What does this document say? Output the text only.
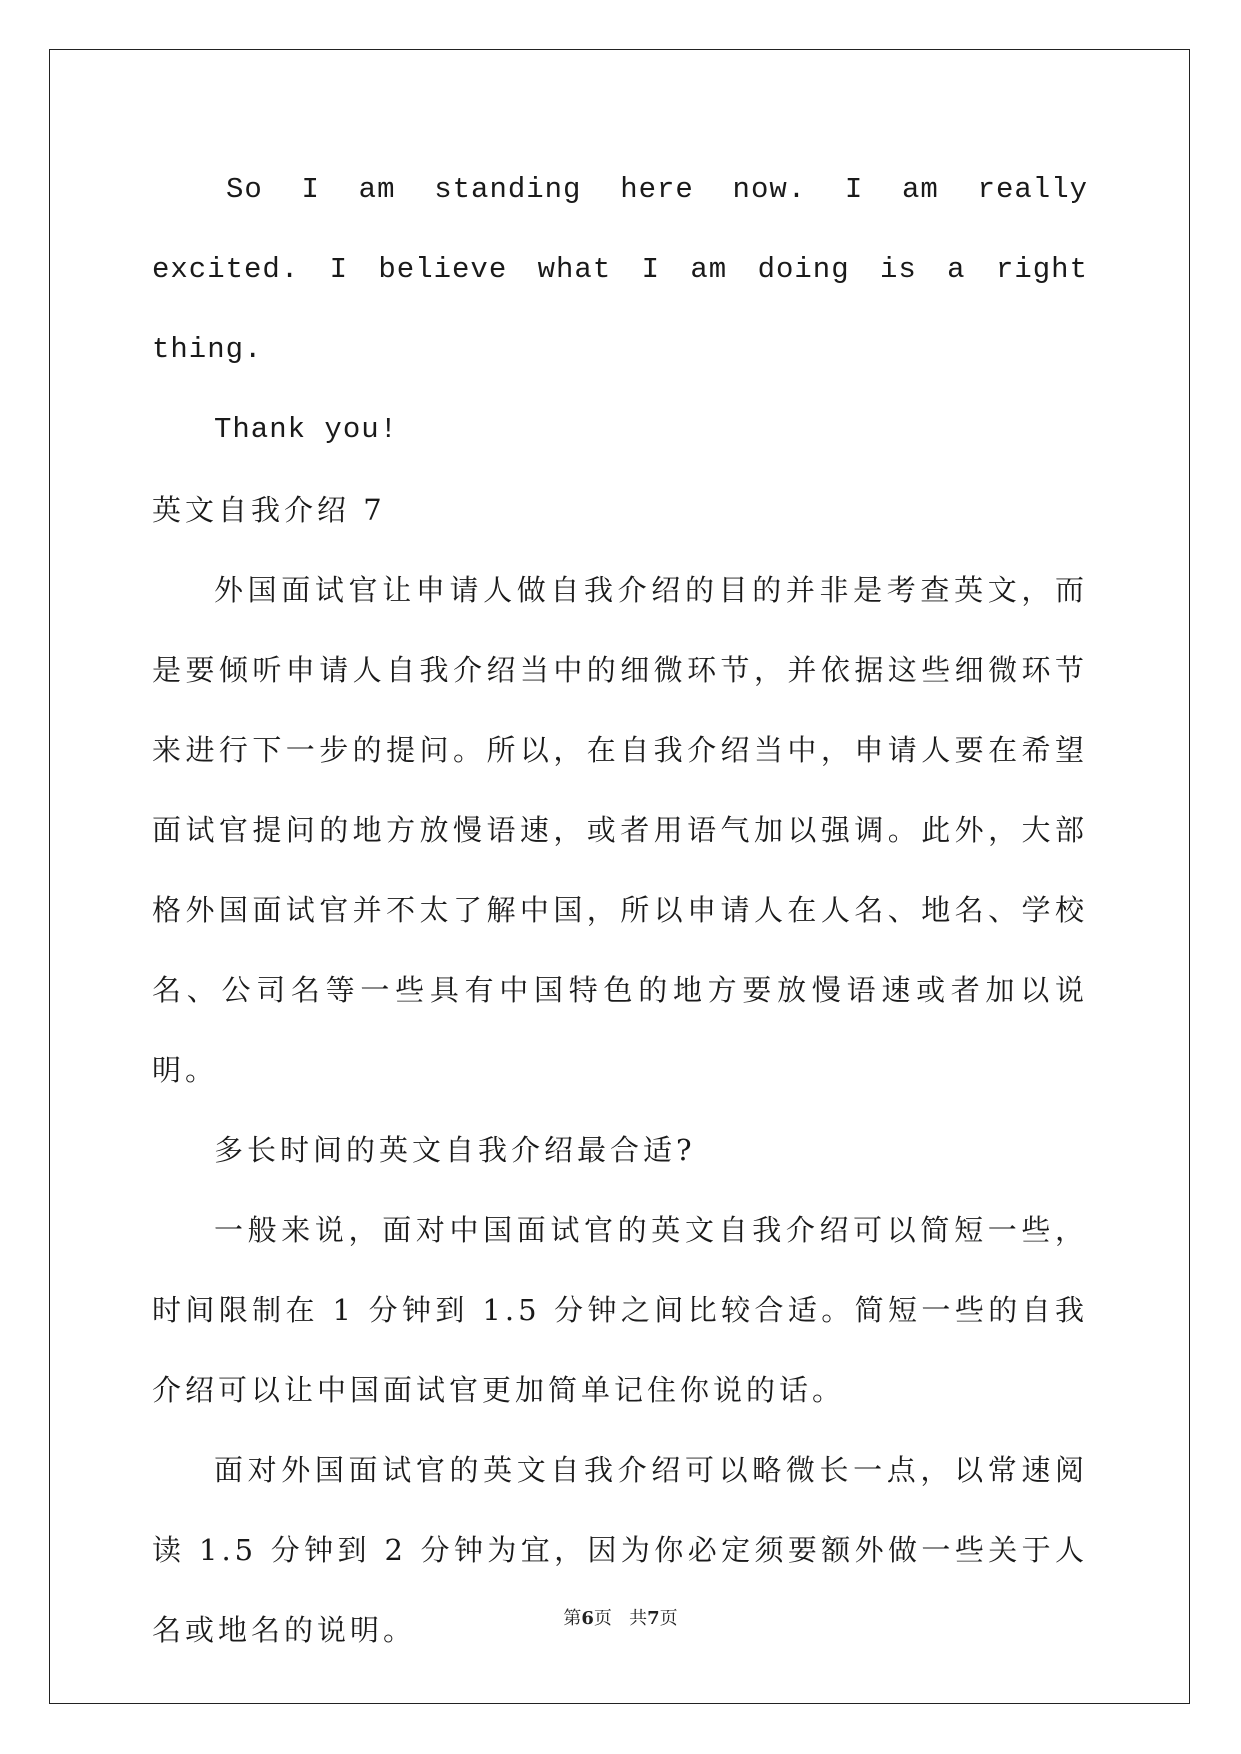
So I am standing here now. I am really excited. I believe what I am doing is a right thing.

Thank you!

英文自我介绍 7

外国面试官让申请人做自我介绍的目的并非是考查英文，而是要倾听申请人自我介绍当中的细微环节，并依据这些细微环节来进行下一步的提问。所以，在自我介绍当中，申请人要在希望面试官提问的地方放慢语速，或者用语气加以强调。此外，大部格外国面试官并不太了解中国，所以申请人在人名、地名、学校名、公司名等一些具有中国特色的地方要放慢语速或者加以说明。

多长时间的英文自我介绍最合适?

一般来说，面对中国面试官的英文自我介绍可以简短一些，时间限制在 1 分钟到 1.5 分钟之间比较合适。简短一些的自我介绍可以让中国面试官更加简单记住你说的话。

面对外国面试官的英文自我介绍可以略微长一点，以常速阅读 1.5 分钟到 2 分钟为宜，因为你必定须要额外做一些关于人名或地名的说明。	第6页 共7页
